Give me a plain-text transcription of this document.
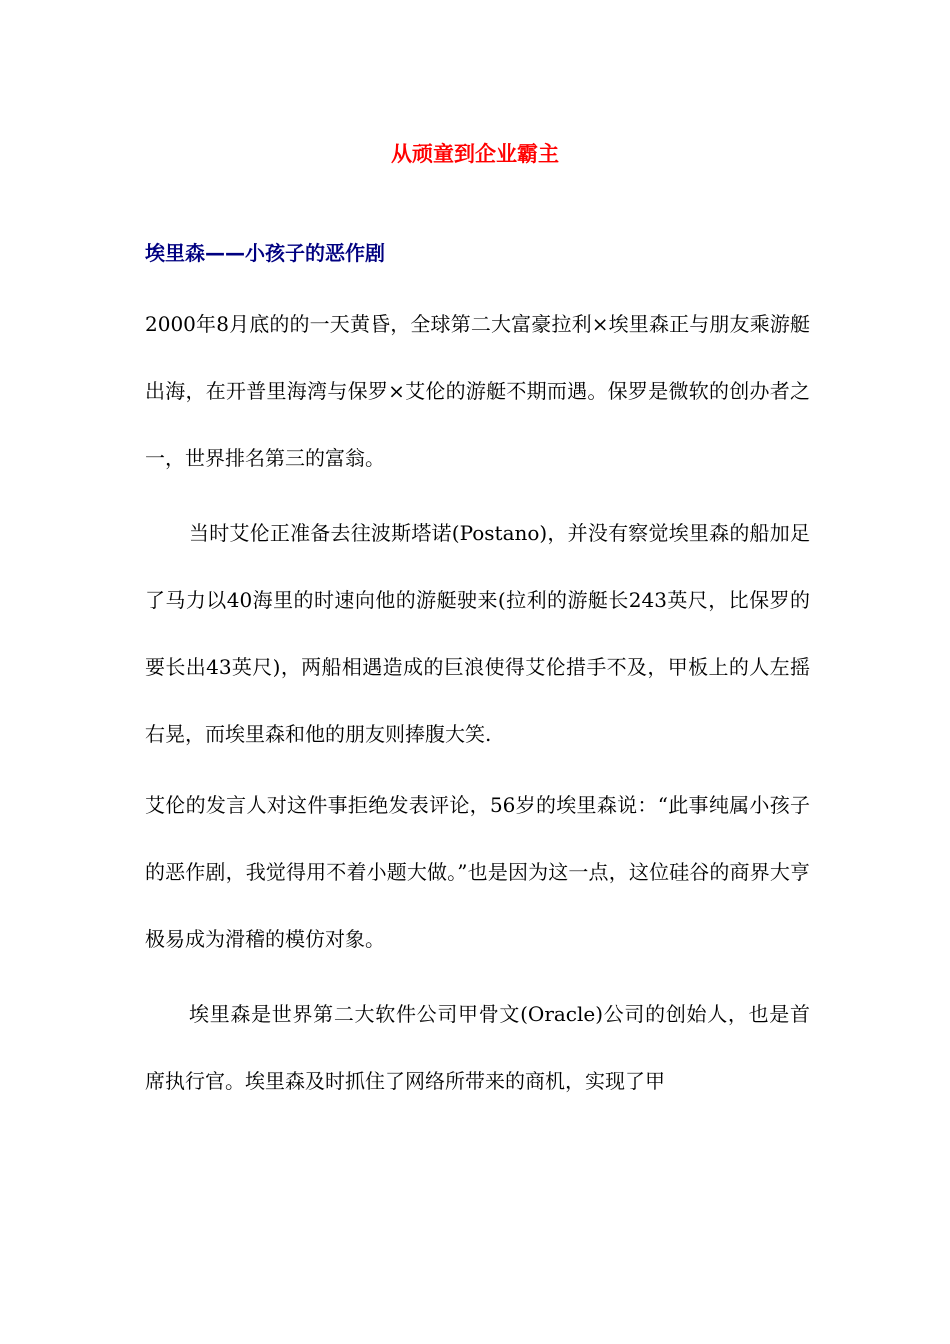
从顽童到企业霸主
埃里森——小孩子的恶作剧

2000年8月底的的一天黄昏，全球第二大富豪拉利×埃里森正与朋友乘游艇出海，在开普里海湾与保罗×艾伦的游艇不期而遇。保罗是微软的创办者之一，世界排名第三的富翁。

当时艾伦正准备去往波斯塔诺(Postano)，并没有察觉埃里森的船加足了马力以40海里的时速向他的游艇驶来(拉利的游艇长243英尺，比保罗的要长出43英尺)，两船相遇造成的巨浪使得艾伦措手不及，甲板上的人左摇右晃，而埃里森和他的朋友则捧腹大笑.

艾伦的发言人对这件事拒绝发表评论，56岁的埃里森说：“此事纯属小孩子的恶作剧，我觉得用不着小题大做。”也是因为这一点，这位硅谷的商界大亨极易成为滑稽的模仿对象。

埃里森是世界第二大软件公司甲骨文(Oracle)公司的创始人，也是首席执行官。埃里森及时抓住了网络所带来的商机，实现了甲
